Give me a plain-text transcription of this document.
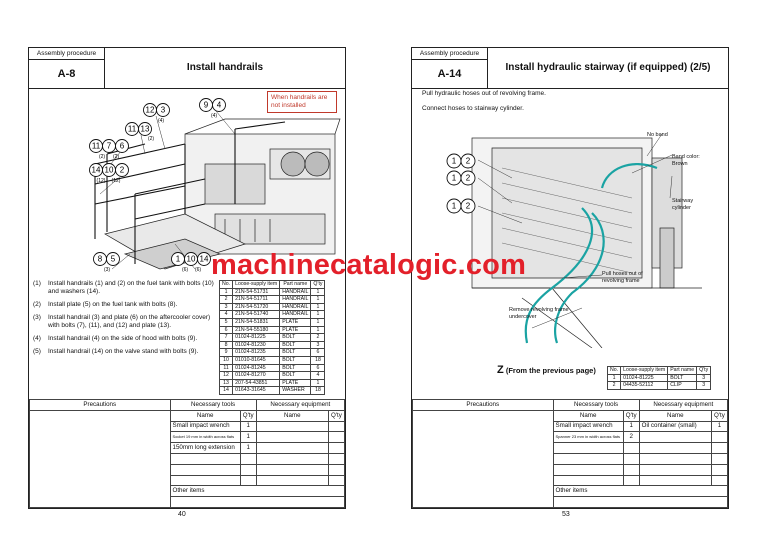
Assembly procedure
A-8
Install handrails
12 3
(4)
9 4
(4)
11 13
(2)
11 7 6
(2) (2)
14 10 2
(12) (12)
8 5
(3)
1 10 14
(6) (6)
When handrails are not installed
(1)	Install handrails (1) and (2) on the fuel tank with bolts (10) and washers (14).
(2)	Install plate (5) on the fuel tank with bolts (8).
(3)	Install handrail (3) and plate (6) on the aftercooler cover) with bolts (7), (11), and (12) and plate (13).
(4)	Install handrail (4) on the side of hood with bolts (9).
(5)	Install handrail (14) on the valve stand with bolts (9).
No.	Loose-supply item	Part name	Q'ty
1	21N-54-51731	HANDRAIL	1
2	21N-54-51711	HANDRAIL	1
3	21N-54-51720	HANDRAIL	1
4	21N-54-51740	HANDRAIL	1
5	21N-54-51831	PLATE	1
6	21N-54-55180	PLATE	1
7	01024-81225	BOLT	2
8	01024-81230	BOLT	3
9	01024-81235	BOLT	6
10	01010-81645	BOLT	18
11	01024-81245	BOLT	6
12	01024-81270	BOLT	4
13	207-54-43851	PLATE	1
14	01643-31645	WASHER	18
Precautions	Necessary tools		Necessary equipment	
	Name	Q'ty	Name	Q'ty
	Small impact wrench	1		
	Socket 19 mm in width across flats	1		
	150mm long extension	1		

	Other items			

40
Assembly procedure
A-14
Install hydraulic stairway (if equipped) (2/5)
Pull hydraulic hoses out of revolving frame.
Connect hoses to stairway cylinder.
1 2
1 2
1 2
No band
Band color:
Brown
Stairway
cylinder
Pull hoses out of revolving frame
Remove revolving frame undercover
Z (From the previous page)	No.	Loose-supply item	Part name	Q'ty
1	01024-81225	BOLT	3
2	04435-52112	CLIP	3
Precautions	Necessary tools		Necessary equipment	
	Name	Q'ty	Name	Q'ty
	Small impact wrench	1	Oil container (small)	1
	Spanner 23 mm in width across flats	2		

	Other items			

53
machinecatalogic.com
